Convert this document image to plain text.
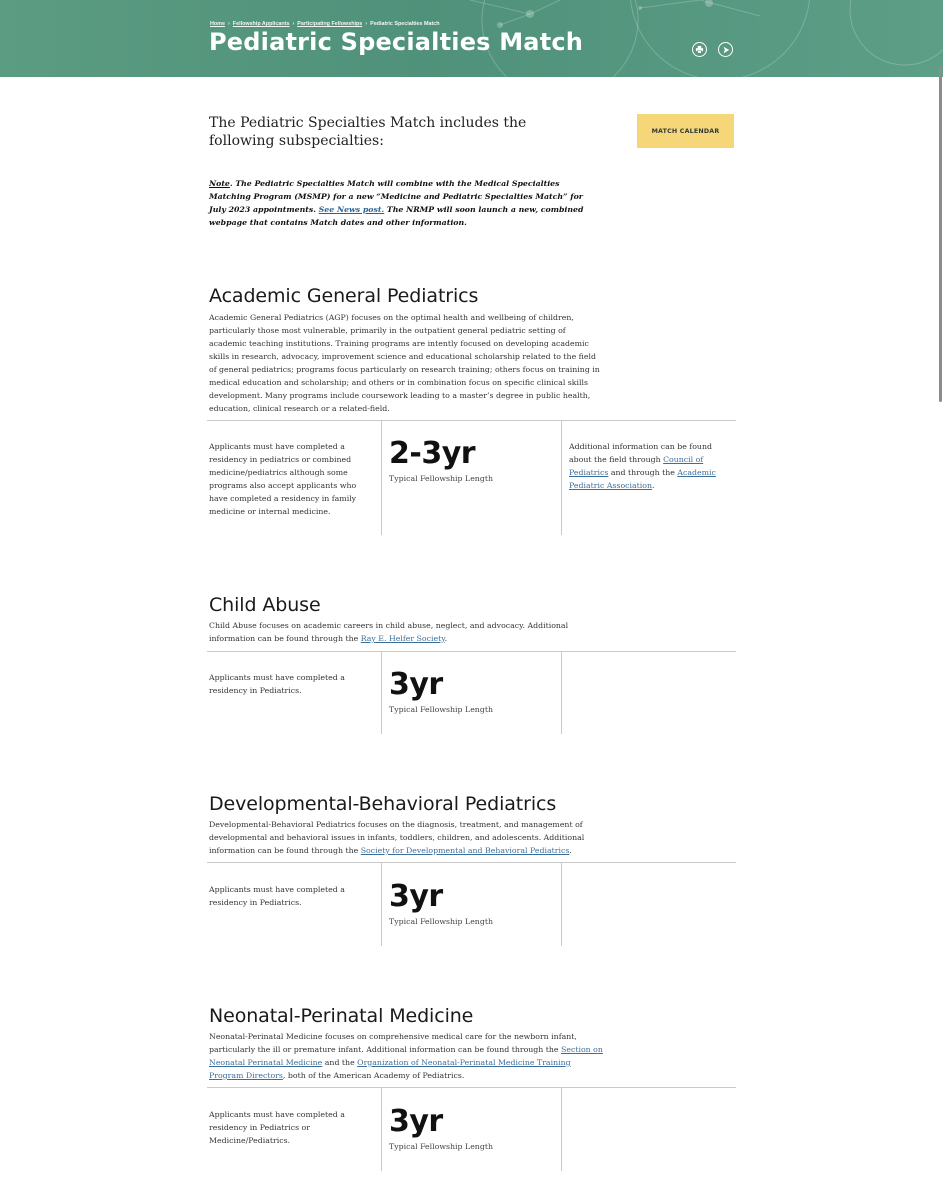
Home › Fellowship Applicants › Participating Fellowships › Pediatric Specialties Match
Pediatric Specialties Match
The Pediatric Specialties Match includes the following subspecialties:
MATCH CALENDAR

Note. The Pediatric Specialties Match will combine with the Medical Specialties Matching Program (MSMP) for a new “Medicine and Pediatric Specialties Match” for July 2023 appointments. See News post. The NRMP will soon launch a new, combined webpage that contains Match dates and other information.

Academic General Pediatrics

Academic General Pediatrics (AGP) focuses on the optimal health and wellbeing of children, particularly those most vulnerable, primarily in the outpatient general pediatric setting of academic teaching institutions. Training programs are intently focused on developing academic skills in research, advocacy, improvement science and educational scholarship related to the field of general pediatrics; programs focus particularly on research training; others focus on training in medical education and scholarship; and others or in combination focus on specific clinical skills development. Many programs include coursework leading to a master’s degree in public health, education, clinical research or a related-field.

Applicants must have completed a residency in pediatrics or combined medicine/pediatrics although some programs also accept applicants who have completed a residency in family medicine or internal medicine.

2-3yr
Typical Fellowship Length

Additional information can be found about the field through Council of Pediatrics and through the Academic Pediatric Association.

Child Abuse

Child Abuse focuses on academic careers in child abuse, neglect, and advocacy. Additional information can be found through the Ray E. Helfer Society.

Applicants must have completed a residency in Pediatrics.	3yr
Typical Fellowship Length
Developmental-Behavioral Pediatrics

Developmental-Behavioral Pediatrics focuses on the diagnosis, treatment, and management of developmental and behavioral issues in infants, toddlers, children, and adolescents. Additional information can be found through the Society for Developmental and Behavioral Pediatrics.

Applicants must have completed a residency in Pediatrics.	3yr
Typical Fellowship Length
Neonatal-Perinatal Medicine

Neonatal-Perinatal Medicine focuses on comprehensive medical care for the newborn infant, particularly the ill or premature infant. Additional information can be found through the Section on Neonatal Perinatal Medicine and the Organization of Neonatal-Perinatal Medicine Training Program Directors, both of the American Academy of Pediatrics.

Applicants must have completed a residency in Pediatrics or Medicine/Pediatrics.

3yr
Typical Fellowship Length
